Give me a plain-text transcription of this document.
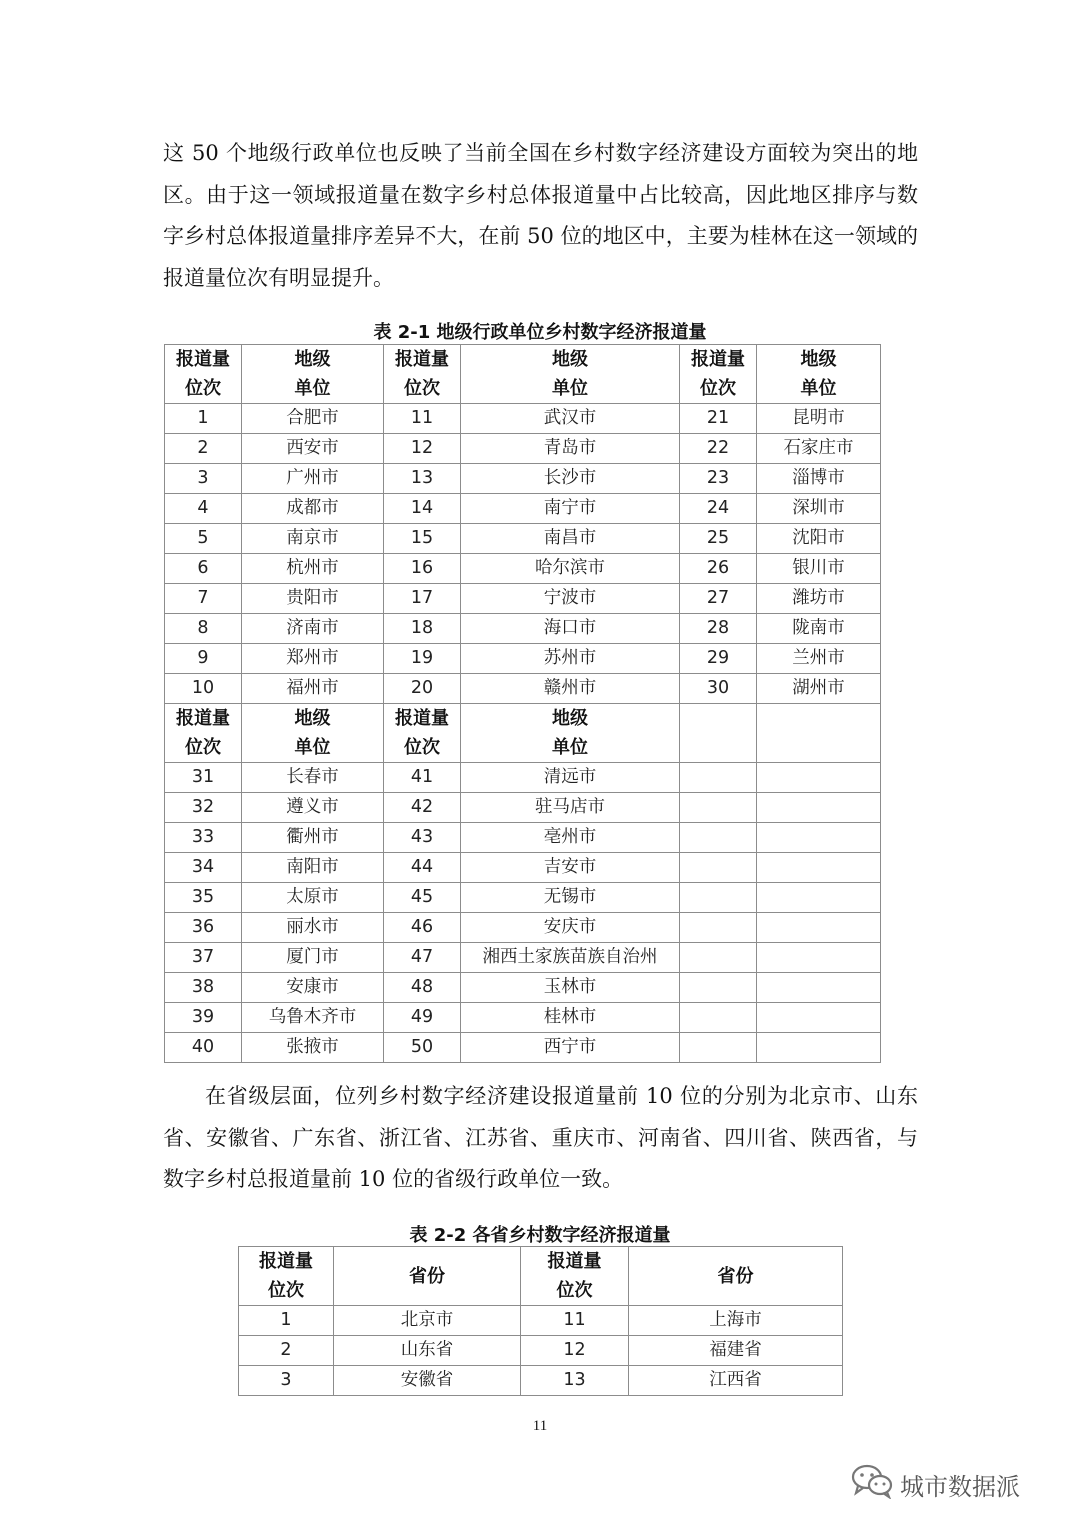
这 50 个地级行政单位也反映了当前全国在乡村数字经济建设方面较为突出的地区。由于这一领域报道量在数字乡村总体报道量中占比较高，因此地区排序与数字乡村总体报道量排序差异不大，在前 50 位的地区中，主要为桂林在这一领域的报道量位次有明显提升。

表 2-1 地级行政单位乡村数字经济报道量

报道量
位次	地级
单位	报道量
位次	地级
单位	报道量
位次	地级
单位

1	合肥市	11	武汉市	21	昆明市
2	西安市	12	青岛市	22	石家庄市
3	广州市	13	长沙市	23	淄博市
4	成都市	14	南宁市	24	深圳市
5	南京市	15	南昌市	25	沈阳市
6	杭州市	16	哈尔滨市	26	银川市
7	贵阳市	17	宁波市	27	潍坊市
8	济南市	18	海口市	28	陇南市
9	郑州市	19	苏州市	29	兰州市
10	福州市	20	赣州市	30	湖州市

报道量
位次	地级
单位	报道量
位次	地级
单位		

31	长春市	41	清远市		
32	遵义市	42	驻马店市		
33	衢州市	43	亳州市		
34	南阳市	44	吉安市		
35	太原市	45	无锡市		
36	丽水市	46	安庆市		
37	厦门市	47	湘西土家族苗族自治州		
38	安康市	48	玉林市		
39	乌鲁木齐市	49	桂林市		
40	张掖市	50	西宁市		

在省级层面，位列乡村数字经济建设报道量前 10 位的分别为北京市、山东省、安徽省、广东省、浙江省、江苏省、重庆市、河南省、四川省、陕西省，与数字乡村总报道量前 10 位的省级行政单位一致。

表 2-2 各省乡村数字经济报道量

报道量
位次	省份	报道量
位次	省份

1	北京市	11	上海市
2	山东省	12	福建省
3	安徽省	13	江西省
11
城市数据派
